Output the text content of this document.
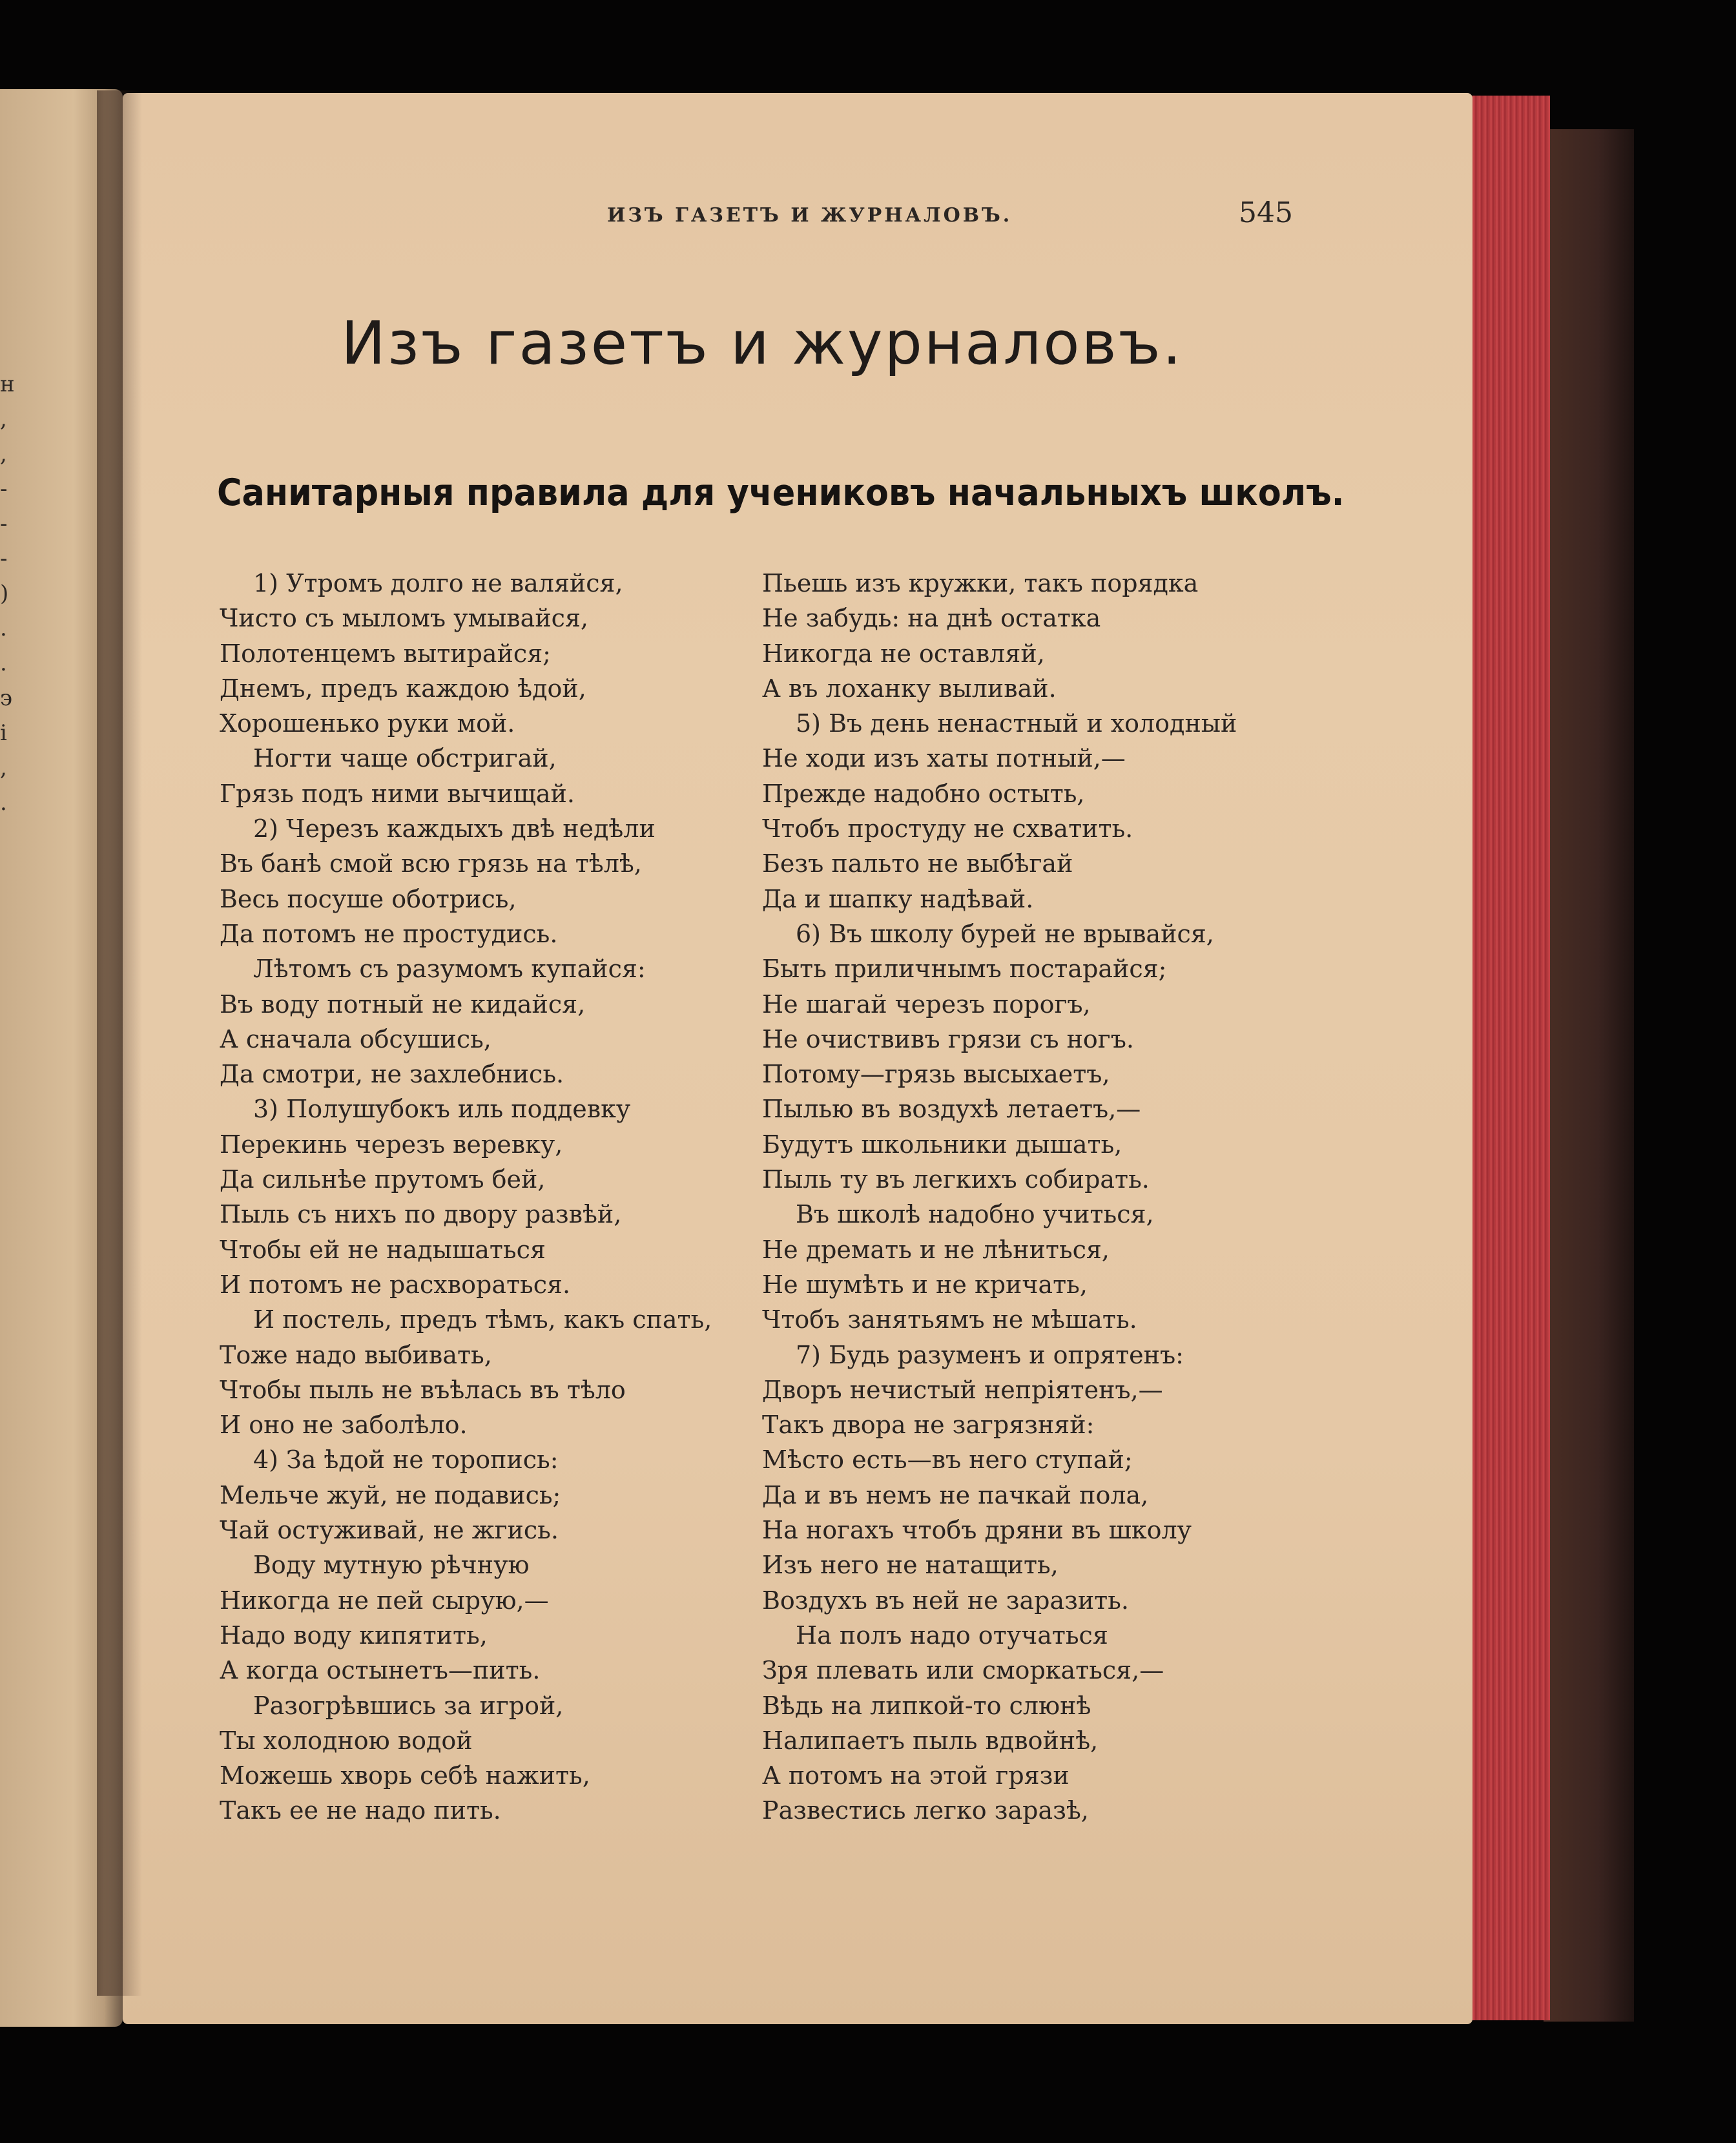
н
,
,
-
-
-
)
.
.
э
і
,
.
ИЗЪ ГАЗЕТЪ И ЖУРНАЛОВЪ.	545
Изъ газетъ и журналовъ.
Санитарныя правила для учениковъ начальныхъ школъ.
1) Утромъ долго не валяйся,
Чисто съ мыломъ умывайся,
Полотенцемъ вытирайся;
Днемъ, предъ каждою ѣдой,
Хорошенько руки мой.
Ногти чаще обстригай,
Грязь подъ ними вычищай.
2) Черезъ каждыхъ двѣ недѣли
Въ банѣ смой всю грязь на тѣлѣ,
Весь посуше оботрись,
Да потомъ не простудись.
Лѣтомъ съ разумомъ купайся:
Въ воду потный не кидайся,
А сначала обсушись,
Да смотри, не захлебнись.
3) Полушубокъ иль поддевку
Перекинь черезъ веревку,
Да сильнѣе прутомъ бей,
Пыль съ нихъ по двору развѣй,
Чтобы ей не надышаться
И потомъ не расхвораться.
И постель, предъ тѣмъ, какъ спать,
Тоже надо выбивать,
Чтобы пыль не въѣлась въ тѣло
И оно не заболѣло.
4) За ѣдой не торопись:
Мельче жуй, не подавись;
Чай остуживай, не жгись.
Воду мутную рѣчную
Никогда не пей сырую,—
Надо воду кипятить,
А когда остынетъ—пить.
Разогрѣвшись за игрой,
Ты холодною водой
Можешь хворь себѣ нажить,
Такъ ее не надо пить.
Пьешь изъ кружки, такъ порядка
Не забудь: на днѣ остатка
Никогда не оставляй,
А въ лоханку выливай.
5) Въ день ненастный и холодный
Не ходи изъ хаты потный,—
Прежде надобно остыть,
Чтобъ простуду не схватить.
Безъ пальто не выбѣгай
Да и шапку надѣвай.
6) Въ школу бурей не врывайся,
Быть приличнымъ постарайся;
Не шагай черезъ порогъ,
Не очиствивъ грязи съ ногъ.
Потому—грязь высыхаетъ,
Пылью въ воздухѣ летаетъ,—
Будутъ школьники дышать,
Пыль ту въ легкихъ собирать.
Въ школѣ надобно учиться,
Не дремать и не лѣниться,
Не шумѣть и не кричать,
Чтобъ занятьямъ не мѣшать.
7) Будь разуменъ и опрятенъ:
Дворъ нечистый непріятенъ,—
Такъ двора не загрязняй:
Мѣсто есть—въ него ступай;
Да и въ немъ не пачкай пола,
На ногахъ чтобъ дряни въ школу
Изъ него не натащить,
Воздухъ въ ней не заразить.
На полъ надо отучаться
Зря плевать или сморкаться,—
Вѣдь на липкой-то слюнѣ
Налипаетъ пыль вдвойнѣ,
А потомъ на этой грязи
Развестись легко заразѣ,
